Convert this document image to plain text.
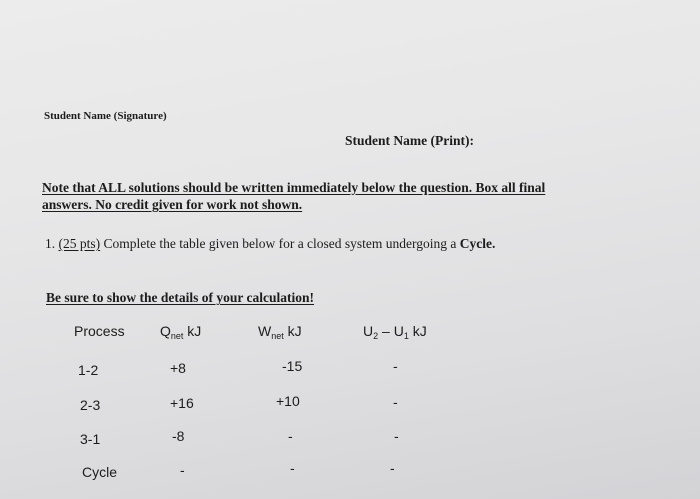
Student Name (Signature)
Student Name (Print):
Note that ALL solutions should be written immediately below the question. Box all final
answers. No credit given for work not shown.
1. (25 pts) Complete the table given below for a closed system undergoing a Cycle.
Be sure to show the details of your calculation!
Process	$Q_{net}$ kJ	$W_{net}$ kJ	$U_2 - U_1$ kJ
1-2	+8	-15	-
2-3	+16	+10	-
3-1	-8	-	-
Cycle	-	-	-
